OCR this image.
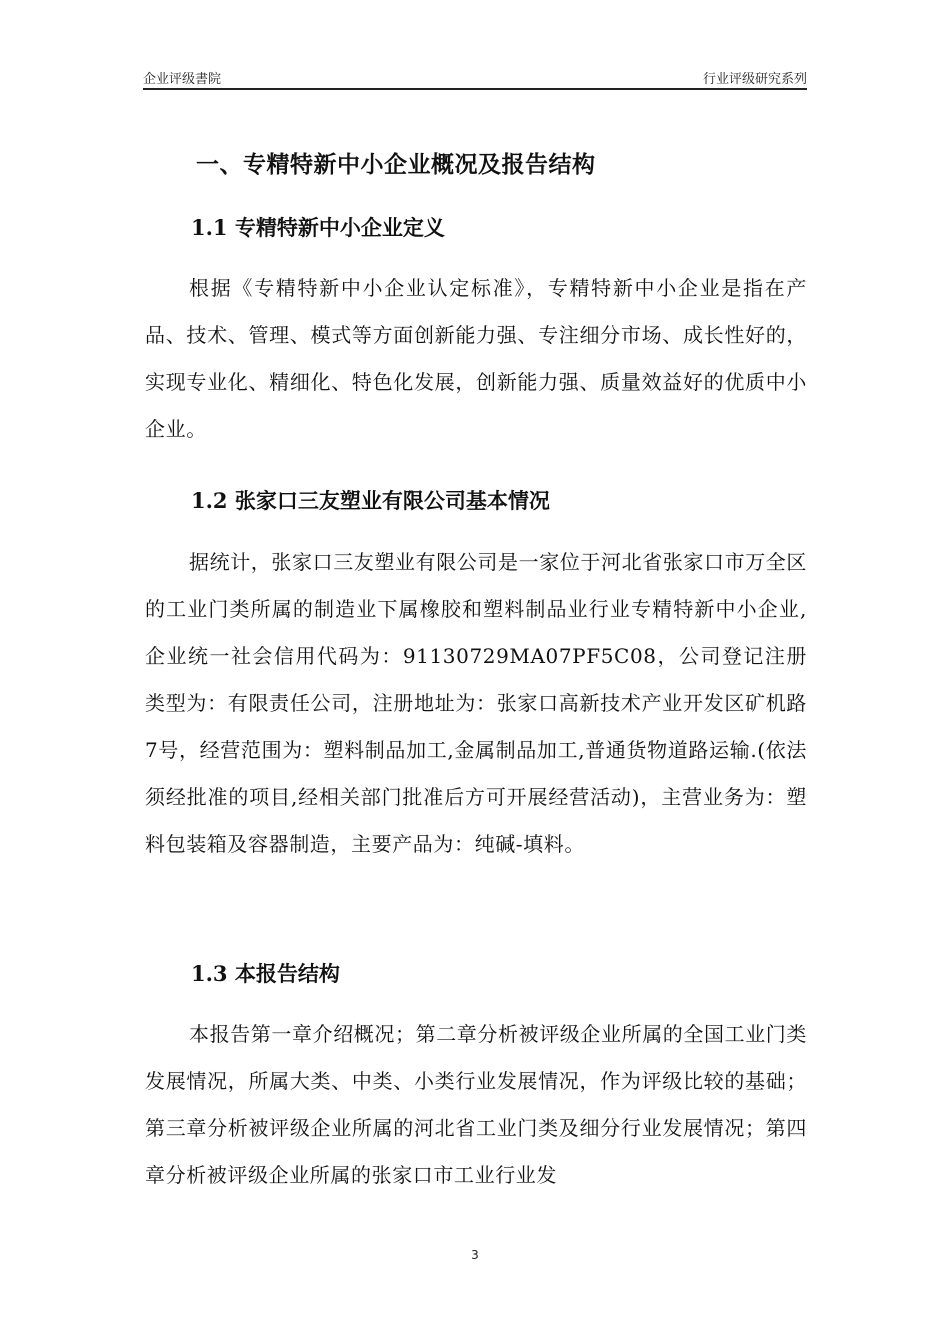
企业评级書院	行业评级研究系列
一、专精特新中小企业概况及报告结构
1.1 专精特新中小企业定义
根据《专精特新中小企业认定标准》，专精特新中小企业是指在产品、技术、管理、模式等方面创新能力强、专注细分市场、成长性好的，实现专业化、精细化、特色化发展，创新能力强、质量效益好的优质中小企业。
1.2 张家口三友塑业有限公司基本情况
据统计，张家口三友塑业有限公司是一家位于河北省张家口市万全区的工业门类所属的制造业下属橡胶和塑料制品业行业专精特新中小企业,企业统一社会信用代码为：91130729MA07PF5C08，公司登记注册类型为：有限责任公司，注册地址为：张家口高新技术产业开发区矿机路7号，经营范围为：塑料制品加工,金属制品加工,普通货物道路运输.(依法须经批准的项目,经相关部门批准后方可开展经营活动)，主营业务为：塑料包装箱及容器制造，主要产品为：纯碱-填料。
1.3 本报告结构
本报告第一章介绍概况；第二章分析被评级企业所属的全国工业门类发展情况，所属大类、中类、小类行业发展情况，作为评级比较的基础；第三章分析被评级企业所属的河北省工业门类及细分行业发展情况；第四章分析被评级企业所属的张家口市工业行业发
3
